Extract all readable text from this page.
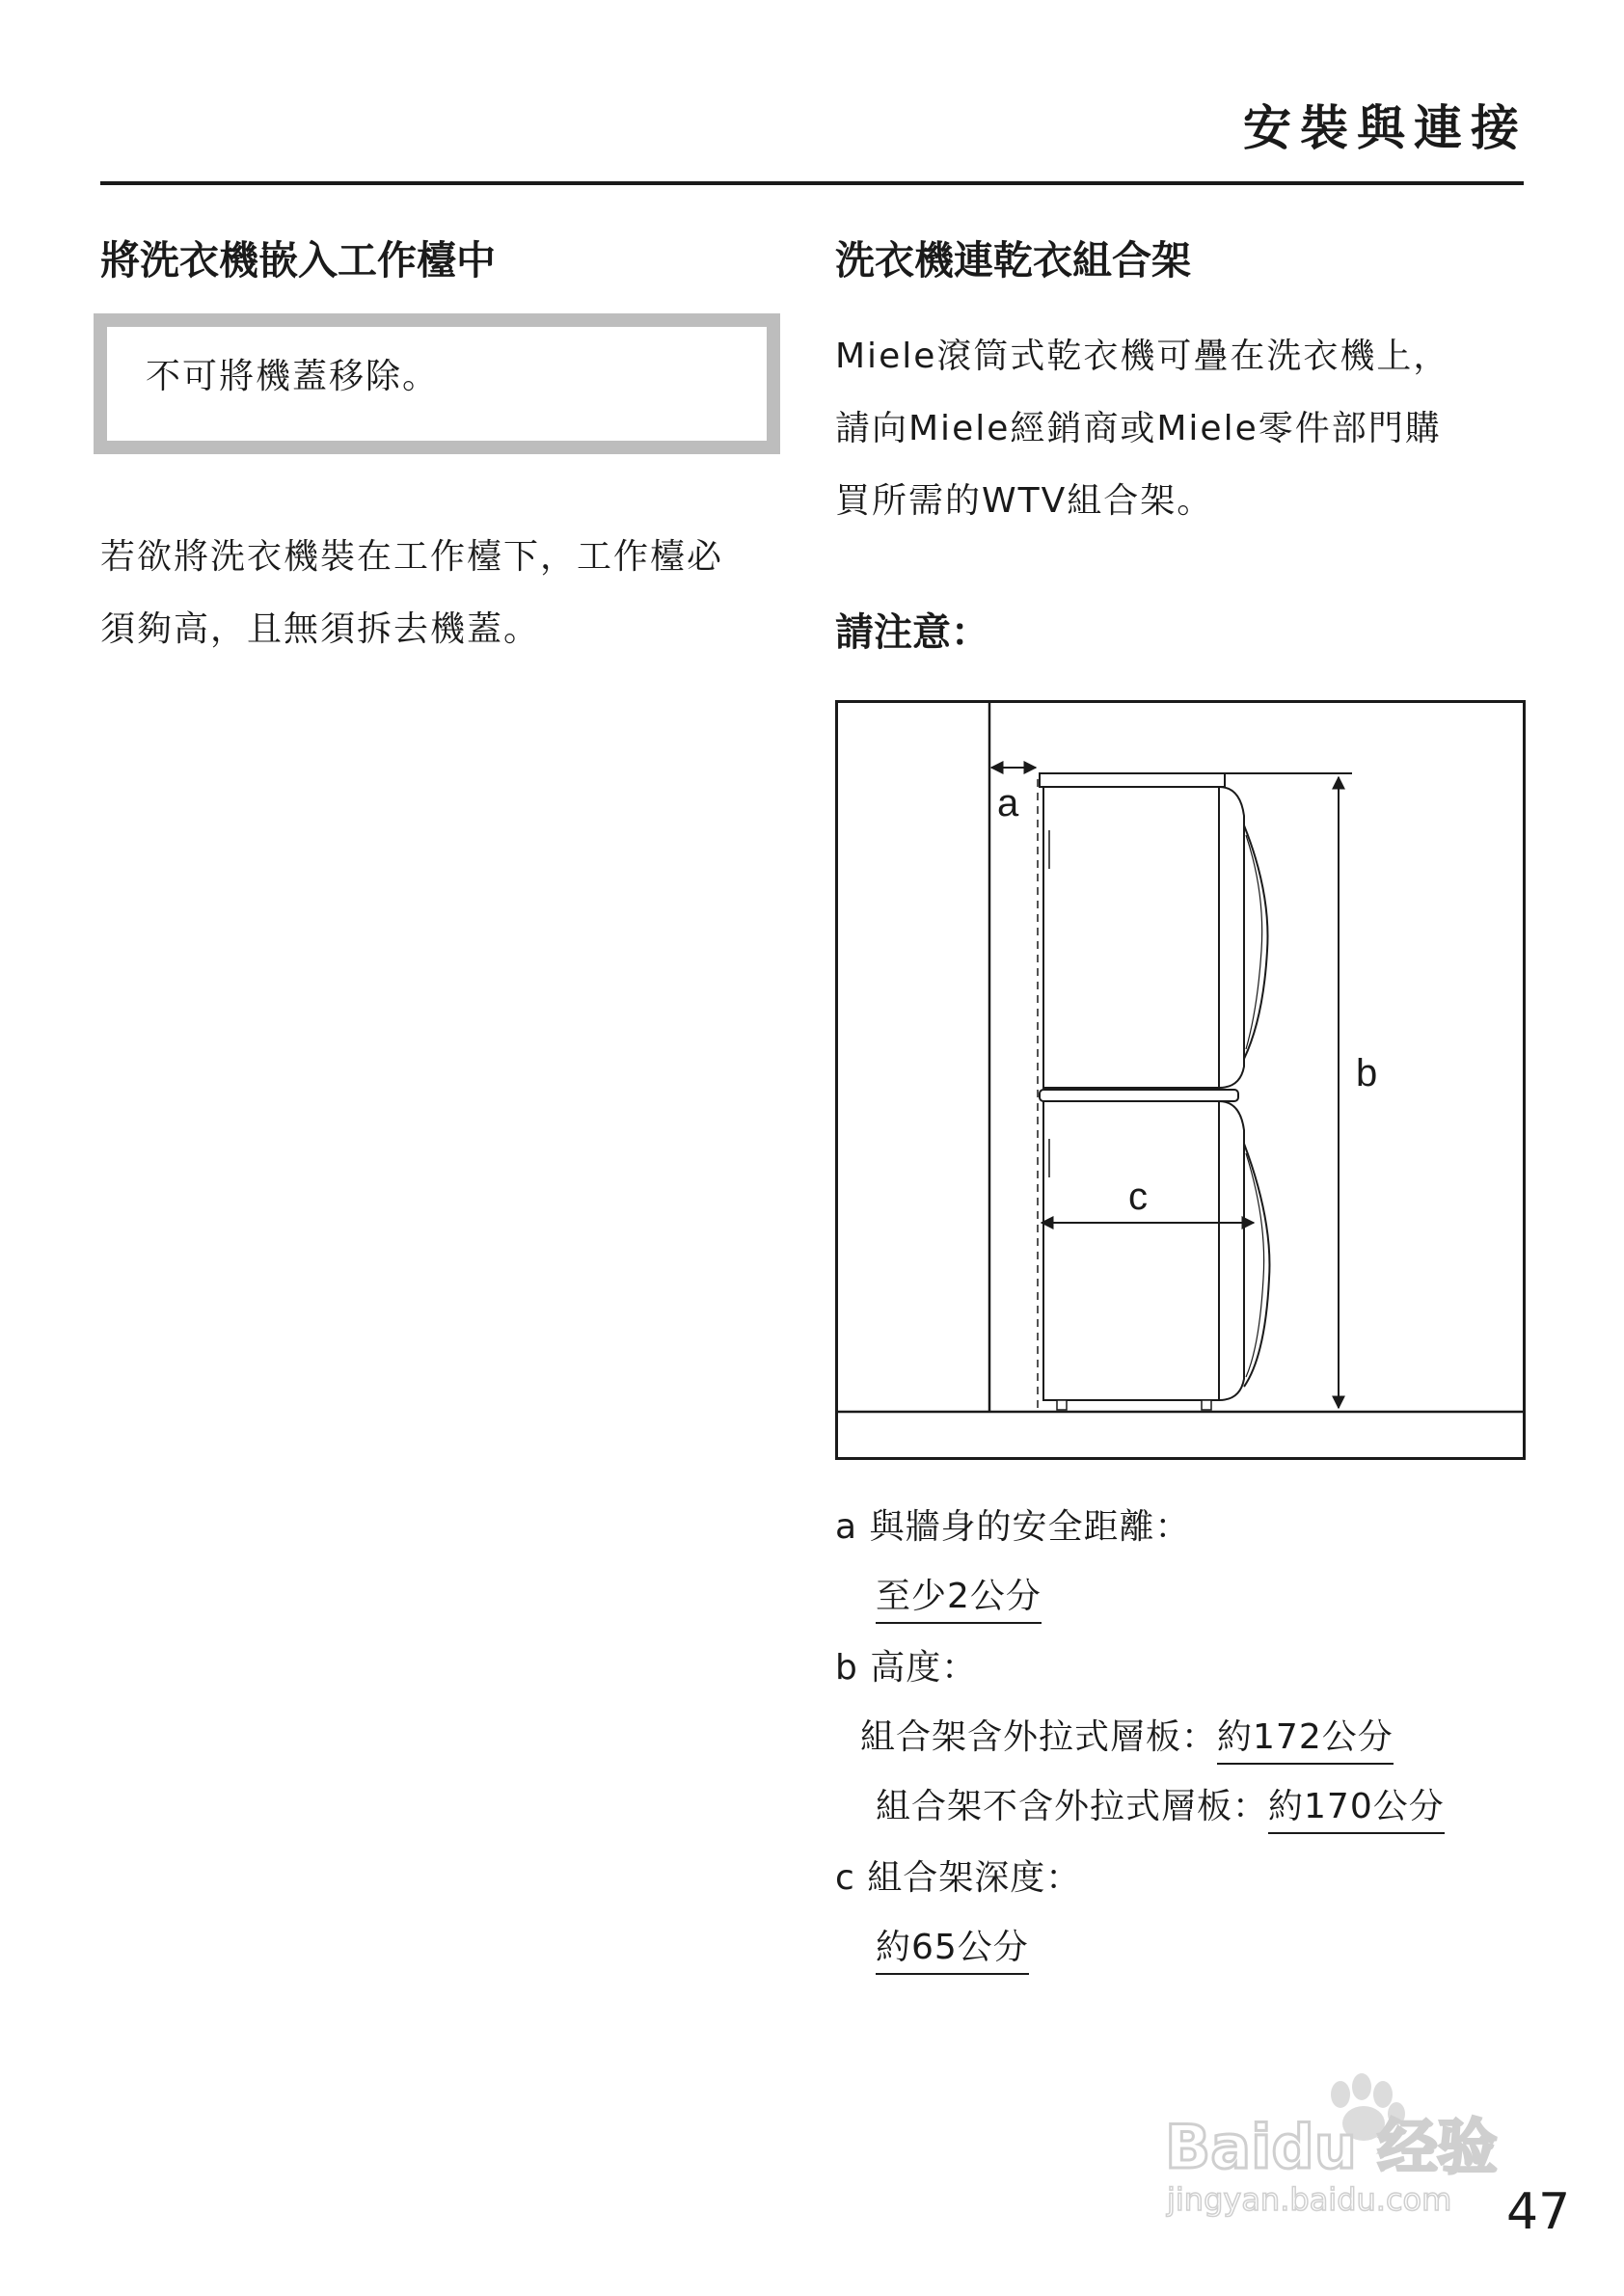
安裝與連接
將洗衣機嵌入工作檯中
不可將機蓋移除。
若欲將洗衣機裝在工作檯下，工作檯必
須夠高，且無須拆去機蓋。
洗衣機連乾衣組合架
Miele滾筒式乾衣機可疊在洗衣機上，
請向Miele經銷商或Miele零件部門購
買所需的WTV組合架。
請注意：
a
b
c
a 與牆身的安全距離：
至少2公分
b 高度：
組合架含外拉式層板：約172公分
組合架不含外拉式層板：約170公分
c 組合架深度：
約65公分
Baidu 经验
jingyan.baidu.com 47
